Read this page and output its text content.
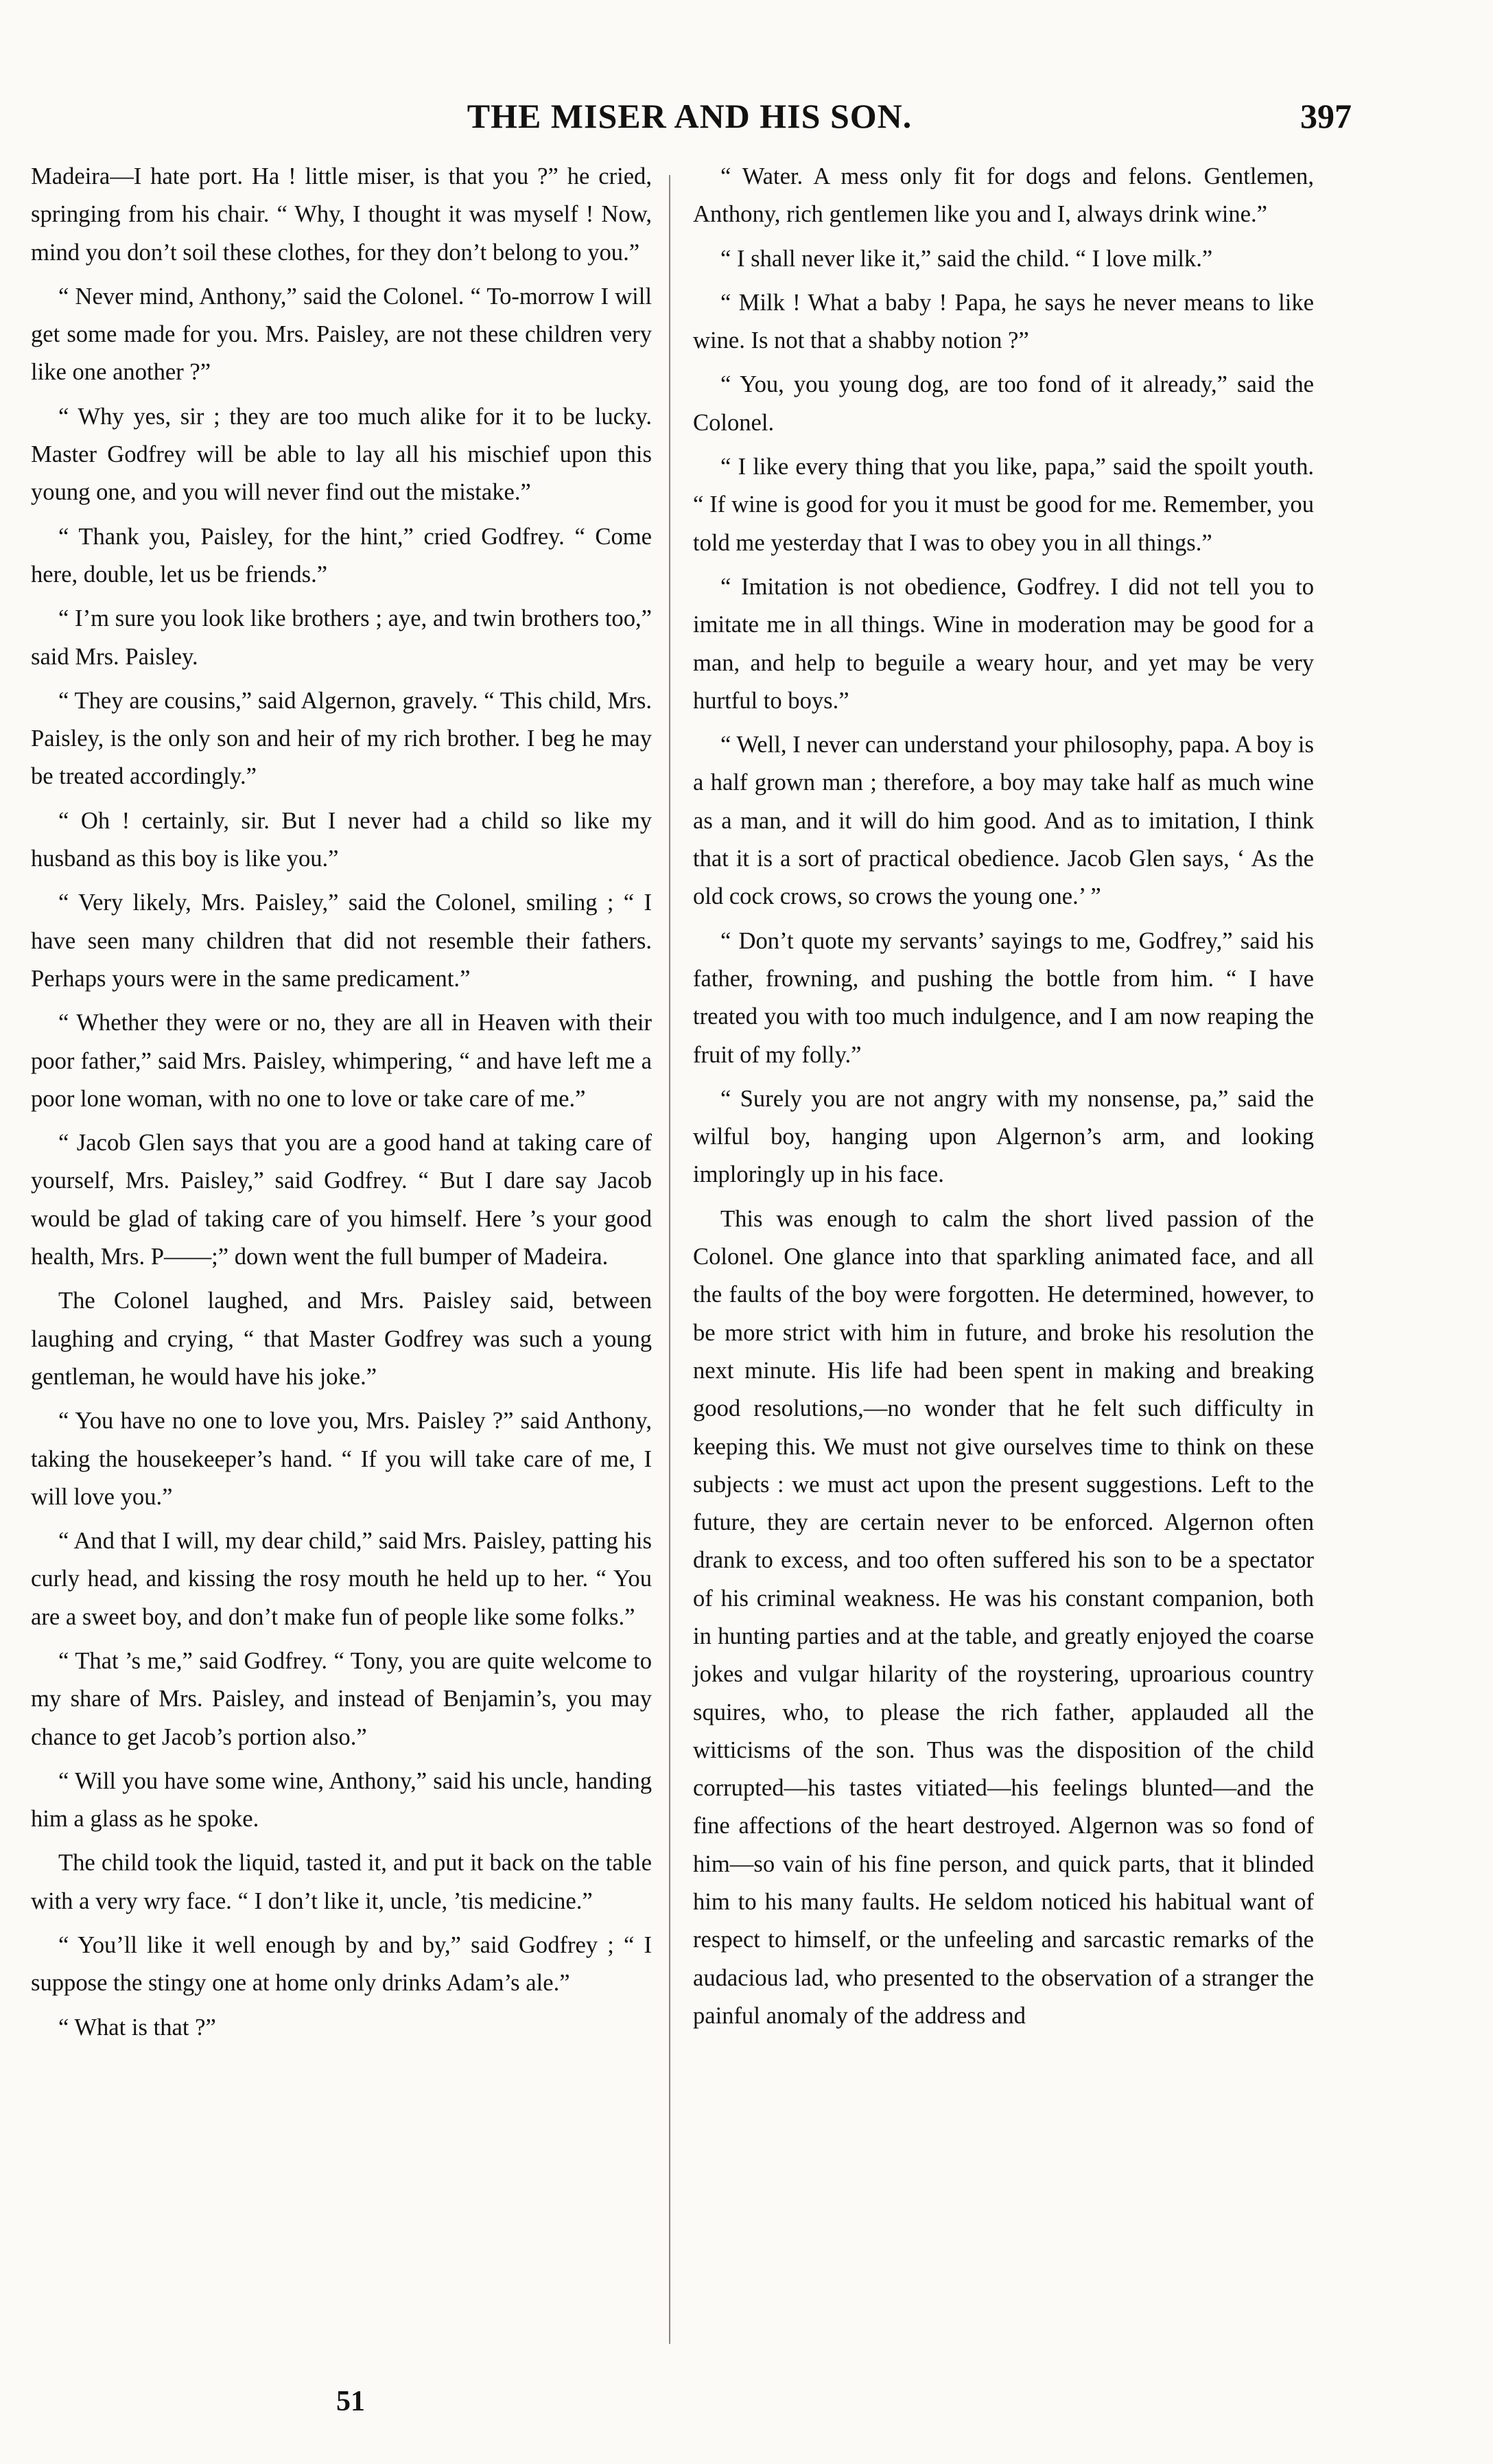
THE MISER AND HIS SON.	397

Madeira—I hate port. Ha ! little miser, is that you ?” he cried, springing from his chair. “ Why, I thought it was myself ! Now, mind you don’t soil these clothes, for they don’t belong to you.”

“ Never mind, Anthony,” said the Colonel. “ To-morrow I will get some made for you. Mrs. Paisley, are not these children very like one another ?”

“ Why yes, sir ; they are too much alike for it to be lucky. Master Godfrey will be able to lay all his mischief upon this young one, and you will never find out the mistake.”

“ Thank you, Paisley, for the hint,” cried Godfrey. “ Come here, double, let us be friends.”

“ I’m sure you look like brothers ; aye, and twin brothers too,” said Mrs. Paisley.

“ They are cousins,” said Algernon, gravely. “ This child, Mrs. Paisley, is the only son and heir of my rich brother. I beg he may be treated accordingly.”

“ Oh ! certainly, sir. But I never had a child so like my husband as this boy is like you.”

“ Very likely, Mrs. Paisley,” said the Colonel, smiling ; “ I have seen many children that did not resemble their fathers. Perhaps yours were in the same predicament.”

“ Whether they were or no, they are all in Heaven with their poor father,” said Mrs. Paisley, whimpering, “ and have left me a poor lone woman, with no one to love or take care of me.”

“ Jacob Glen says that you are a good hand at taking care of yourself, Mrs. Paisley,” said Godfrey. “ But I dare say Jacob would be glad of taking care of you himself. Here ’s your good health, Mrs. P——;” down went the full bumper of Madeira.

The Colonel laughed, and Mrs. Paisley said, between laughing and crying, “ that Master Godfrey was such a young gentleman, he would have his joke.”

“ You have no one to love you, Mrs. Paisley ?” said Anthony, taking the housekeeper’s hand. “ If you will take care of me, I will love you.”

“ And that I will, my dear child,” said Mrs. Paisley, patting his curly head, and kissing the rosy mouth he held up to her. “ You are a sweet boy, and don’t make fun of people like some folks.”

“ That ’s me,” said Godfrey. “ Tony, you are quite welcome to my share of Mrs. Paisley, and instead of Benjamin’s, you may chance to get Jacob’s portion also.”

“ Will you have some wine, Anthony,” said his uncle, handing him a glass as he spoke.

The child took the liquid, tasted it, and put it back on the table with a very wry face. “ I don’t like it, uncle, ’tis medicine.”

“ You’ll like it well enough by and by,” said Godfrey ; “ I suppose the stingy one at home only drinks Adam’s ale.”

“ What is that ?”

“ Water. A mess only fit for dogs and felons. Gentlemen, Anthony, rich gentlemen like you and I, always drink wine.”

“ I shall never like it,” said the child. “ I love milk.”

“ Milk ! What a baby ! Papa, he says he never means to like wine. Is not that a shabby notion ?”

“ You, you young dog, are too fond of it already,” said the Colonel.

“ I like every thing that you like, papa,” said the spoilt youth. “ If wine is good for you it must be good for me. Remember, you told me yesterday that I was to obey you in all things.”

“ Imitation is not obedience, Godfrey. I did not tell you to imitate me in all things. Wine in moderation may be good for a man, and help to beguile a weary hour, and yet may be very hurtful to boys.”

“ Well, I never can understand your philosophy, papa. A boy is a half grown man ; therefore, a boy may take half as much wine as a man, and it will do him good. And as to imitation, I think that it is a sort of practical obedience. Jacob Glen says, ‘ As the old cock crows, so crows the young one.’ ”

“ Don’t quote my servants’ sayings to me, Godfrey,” said his father, frowning, and pushing the bottle from him. “ I have treated you with too much indulgence, and I am now reaping the fruit of my folly.”

“ Surely you are not angry with my nonsense, pa,” said the wilful boy, hanging upon Algernon’s arm, and looking imploringly up in his face.

This was enough to calm the short lived passion of the Colonel. One glance into that sparkling animated face, and all the faults of the boy were forgotten. He determined, however, to be more strict with him in future, and broke his resolution the next minute. His life had been spent in making and breaking good resolutions,—no wonder that he felt such difficulty in keeping this. We must not give ourselves time to think on these subjects : we must act upon the present suggestions. Left to the future, they are certain never to be enforced. Algernon often drank to excess, and too often suffered his son to be a spectator of his criminal weakness. He was his constant companion, both in hunting parties and at the table, and greatly enjoyed the coarse jokes and vulgar hilarity of the roystering, uproarious country squires, who, to please the rich father, applauded all the witticisms of the son. Thus was the disposition of the child corrupted—his tastes vitiated—his feelings blunted—and the fine affections of the heart destroyed. Algernon was so fond of him—so vain of his fine person, and quick parts, that it blinded him to his many faults. He seldom noticed his habitual want of respect to himself, or the unfeeling and sarcastic remarks of the audacious lad, who presented to the observation of a stranger the painful anomaly of the address and

51
